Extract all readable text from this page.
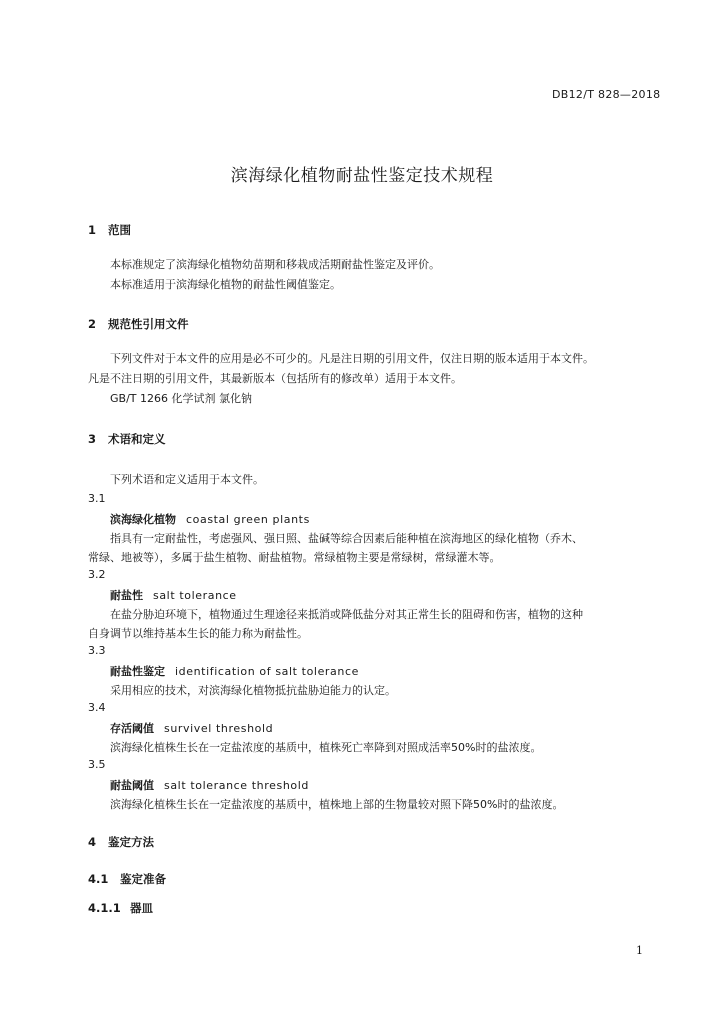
DB12/T 828—2018
滨海绿化植物耐盐性鉴定技术规程
1 范围
本标准规定了滨海绿化植物幼苗期和移栽成活期耐盐性鉴定及评价。
本标准适用于滨海绿化植物的耐盐性阈值鉴定。
2 规范性引用文件
下列文件对于本文件的应用是必不可少的。凡是注日期的引用文件，仅注日期的版本适用于本文件。
凡是不注日期的引用文件，其最新版本（包括所有的修改单）适用于本文件。
GB/T 1266 化学试剂 氯化钠
3 术语和定义
下列术语和定义适用于本文件。
3.1
滨海绿化植物 coastal green plants
指具有一定耐盐性，考虑强风、强日照、盐碱等综合因素后能种植在滨海地区的绿化植物（乔木、
常绿、地被等），多属于盐生植物、耐盐植物。常绿植物主要是常绿树，常绿灌木等。
3.2
耐盐性 salt tolerance
在盐分胁迫环境下，植物通过生理途径来抵消或降低盐分对其正常生长的阻碍和伤害，植物的这种
自身调节以维持基本生长的能力称为耐盐性。
3.3
耐盐性鉴定 identification of salt tolerance
采用相应的技术，对滨海绿化植物抵抗盐胁迫能力的认定。
3.4
存活阈值 survivel threshold
滨海绿化植株生长在一定盐浓度的基质中，植株死亡率降到对照成活率50%时的盐浓度。
3.5
耐盐阈值 salt tolerance threshold
滨海绿化植株生长在一定盐浓度的基质中，植株地上部的生物量较对照下降50%时的盐浓度。
4 鉴定方法
4.1 鉴定准备
4.1.1 器皿
1
